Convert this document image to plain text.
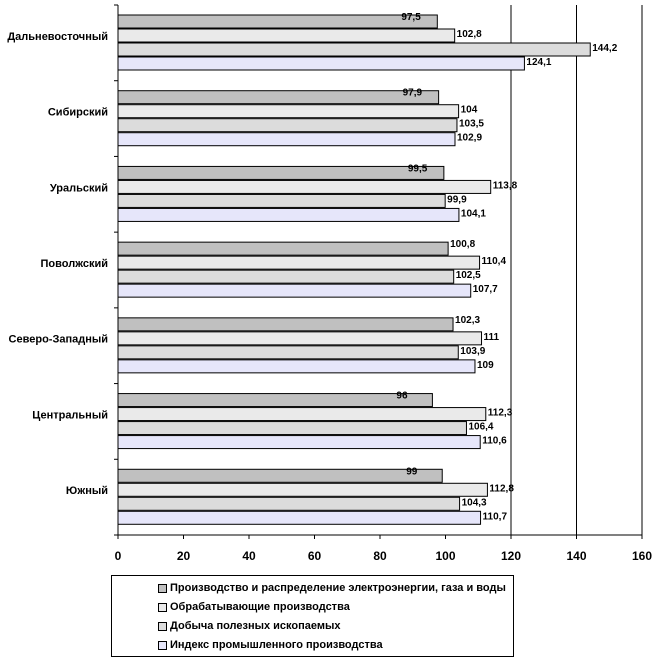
97,5
102,8
144,2
124,1
Дальневосточный
97,9
104
103,5
102,9
Сибирский
99,5
113,8
99,9
104,1
Уральский
100,8
110,4
102,5
107,7
Поволжский
102,3
111
103,9
109
Северо-Западный
96
112,3
106,4
110,6
Центральный
99
112,8
104,3
110,7
Южный
0	20	40	60	80	100	120	140	160
Производство и распределение электроэнергии, газа и воды
Обрабатывающие производства
Добыча полезных ископаемых
Индекс промышленного производства
